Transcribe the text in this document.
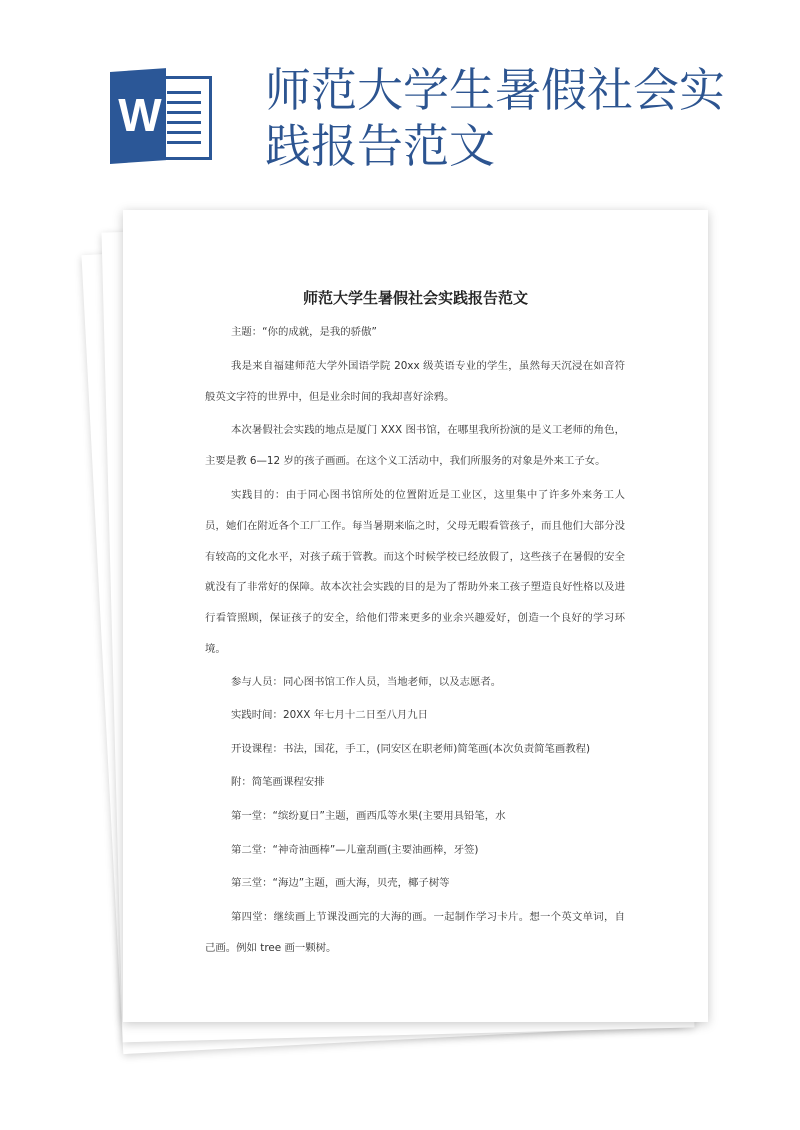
W 师范大学生暑假社会实践报告范文
师范大学生暑假社会实践报告范文

主题：“你的成就，是我的骄傲”

我是来自福建师范大学外国语学院 20xx 级英语专业的学生，虽然每天沉浸在如音符般英文字符的世界中，但是业余时间的我却喜好涂鸦。

本次暑假社会实践的地点是厦门 XXX 图书馆，在哪里我所扮演的是义工老师的角色，主要是教 6—12 岁的孩子画画。在这个义工活动中，我们所服务的对象是外来工子女。

实践目的：由于同心图书馆所处的位置附近是工业区，这里集中了许多外来务工人员，她们在附近各个工厂工作。每当暑期来临之时，父母无暇看管孩子，而且他们大部分没有较高的文化水平，对孩子疏于管教。而这个时候学校已经放假了，这些孩子在暑假的安全就没有了非常好的保障。故本次社会实践的目的是为了帮助外来工孩子塑造良好性格以及进行看管照顾，保证孩子的安全，给他们带来更多的业余兴趣爱好，创造一个良好的学习环境。

参与人员：同心图书馆工作人员，当地老师，以及志愿者。

实践时间：20XX 年七月十二日至八月九日

开设课程：书法，国花，手工，(同安区在职老师)简笔画(本次负责简笔画教程)

附：简笔画课程安排

第一堂：“缤纷夏日”主题，画西瓜等水果(主要用具铅笔，水

第二堂：“神奇油画棒”—儿童刮画(主要油画棒，牙签)

第三堂：“海边”主题，画大海，贝壳，椰子树等

第四堂：继续画上节课没画完的大海的画。一起制作学习卡片。想一个英文单词，自己画。例如 tree 画一颗树。
